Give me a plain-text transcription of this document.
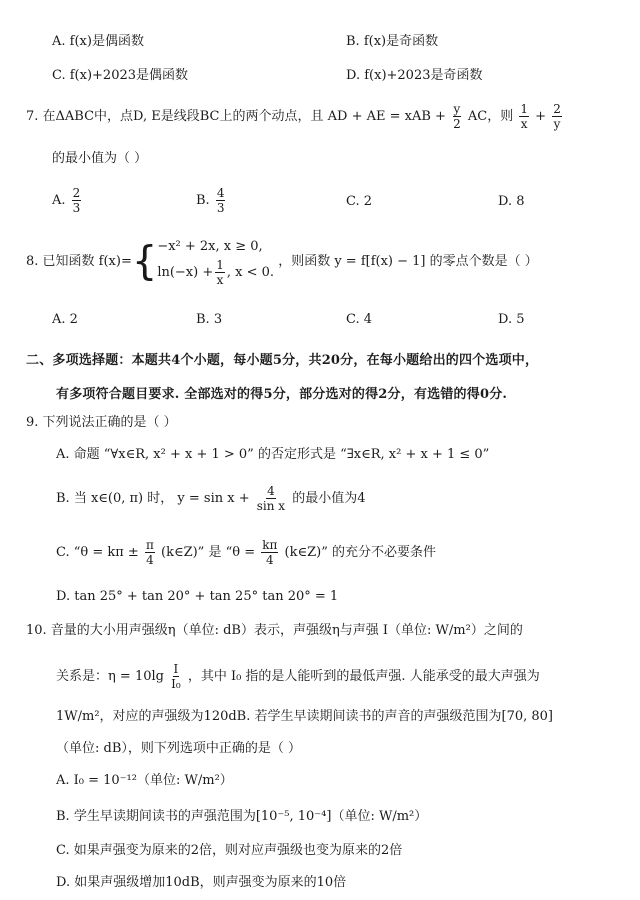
A. f(x)是偶函数	B. f(x)是奇函数
C. f(x)+2023是偶函数	D. f(x)+2023是奇函数
7. 在ΔABC中，点D, E是线段BC上的两个动点，且 AD + AE = xAB + $\frac{y}{2}$ AC，则 $\frac{1}{x} + \frac{2}{y}$
的最小值为（ ）
A. $\frac{2}{3}$	B. $\frac{4}{3}$	C. 2	D. 8
8. 已知函数 f(x)={ −x² + 2x, x ≥ 0,
$\ln(-x) + \frac{1}{x}$ , x < 0.
，则函数 y = f[f(x) − 1] 的零点个数是（ ）
A. 2	B. 3	C. 4	D. 5
二、多项选择题：本题共4个小题，每小题5分，共20分，在每小题给出的四个选项中，
有多项符合题目要求. 全部选对的得5分，部分选对的得2分，有选错的得0分.
9. 下列说法正确的是（ ）
A. 命题 “∀x∈R, x² + x + 1 > 0” 的否定形式是 “∃x∈R, x² + x + 1 ≤ 0”
B. 当 x∈(0, π) 时， $y = \sin x + \frac{4}{\text{sin x}}$ 的最小值为4
C. “$\theta = k\pi \pm \frac{\pi}{4}$ (k∈Z)” 是 “$\theta = \frac{k\pi}{4}$ (k∈Z)” 的充分不必要条件
D. tan 25° + tan 20° + tan 25° tan 20° = 1
10. 音量的大小用声强级η（单位: dB）表示，声强级η与声强 I（单位: W/m²）之间的
关系是：$\eta = 10\lg \frac{I}{\text{I₀}}$ ，其中 I₀ 指的是人能听到的最低声强. 人能承受的最大声强为
1W/m²，对应的声强级为120dB. 若学生早读期间读书的声音的声强级范围为[70, 80]
（单位: dB），则下列选项中正确的是（ ）
A. I₀ = 10⁻¹²（单位: W/m²）
B. 学生早读期间读书的声强范围为[10⁻⁵, 10⁻⁴]（单位: W/m²）
C. 如果声强变为原来的2倍，则对应声强级也变为原来的2倍
D. 如果声强级增加10dB，则声强变为原来的10倍
